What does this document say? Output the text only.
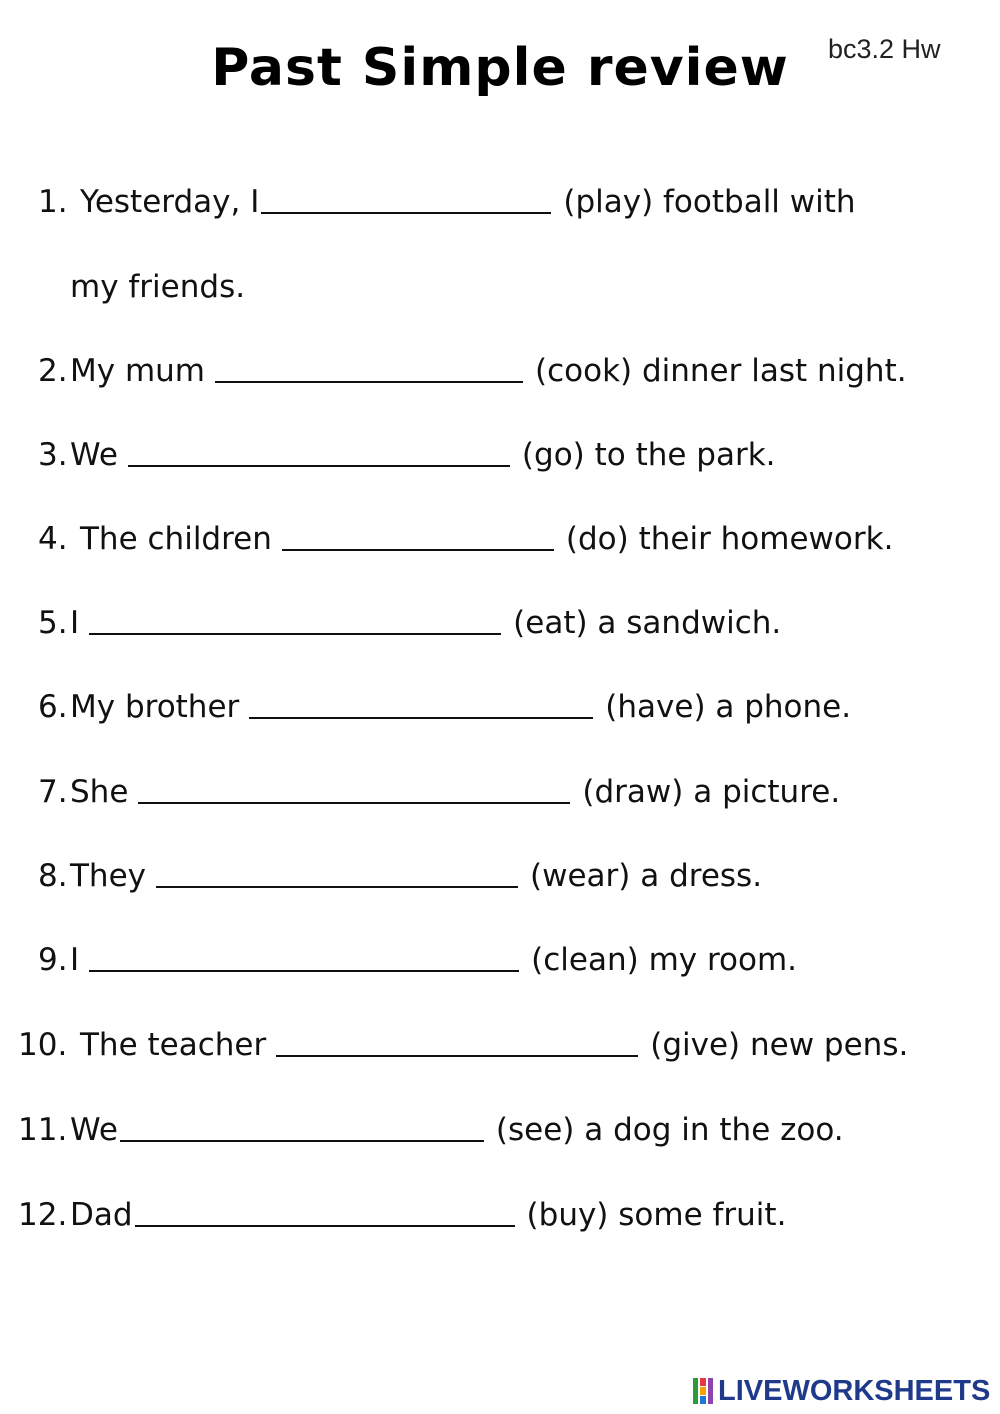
Past Simple review	bc3.2 Hw
1. Yesterday, I	(play) football with
my friends.
2. My mum	(cook) dinner last night.
3. We	(go) to the park.
4. The children	(do) their homework.
5. I	(eat) a sandwich.
6. My brother	(have) a phone.
7. She	(draw) a picture.
8. They	(wear) a dress.
9. I	(clean) my room.
10. The teacher	(give) new pens.
11. We	(see) a dog in the zoo.
12. Dad	(buy) some fruit.
LIVEWORKSHEETS
